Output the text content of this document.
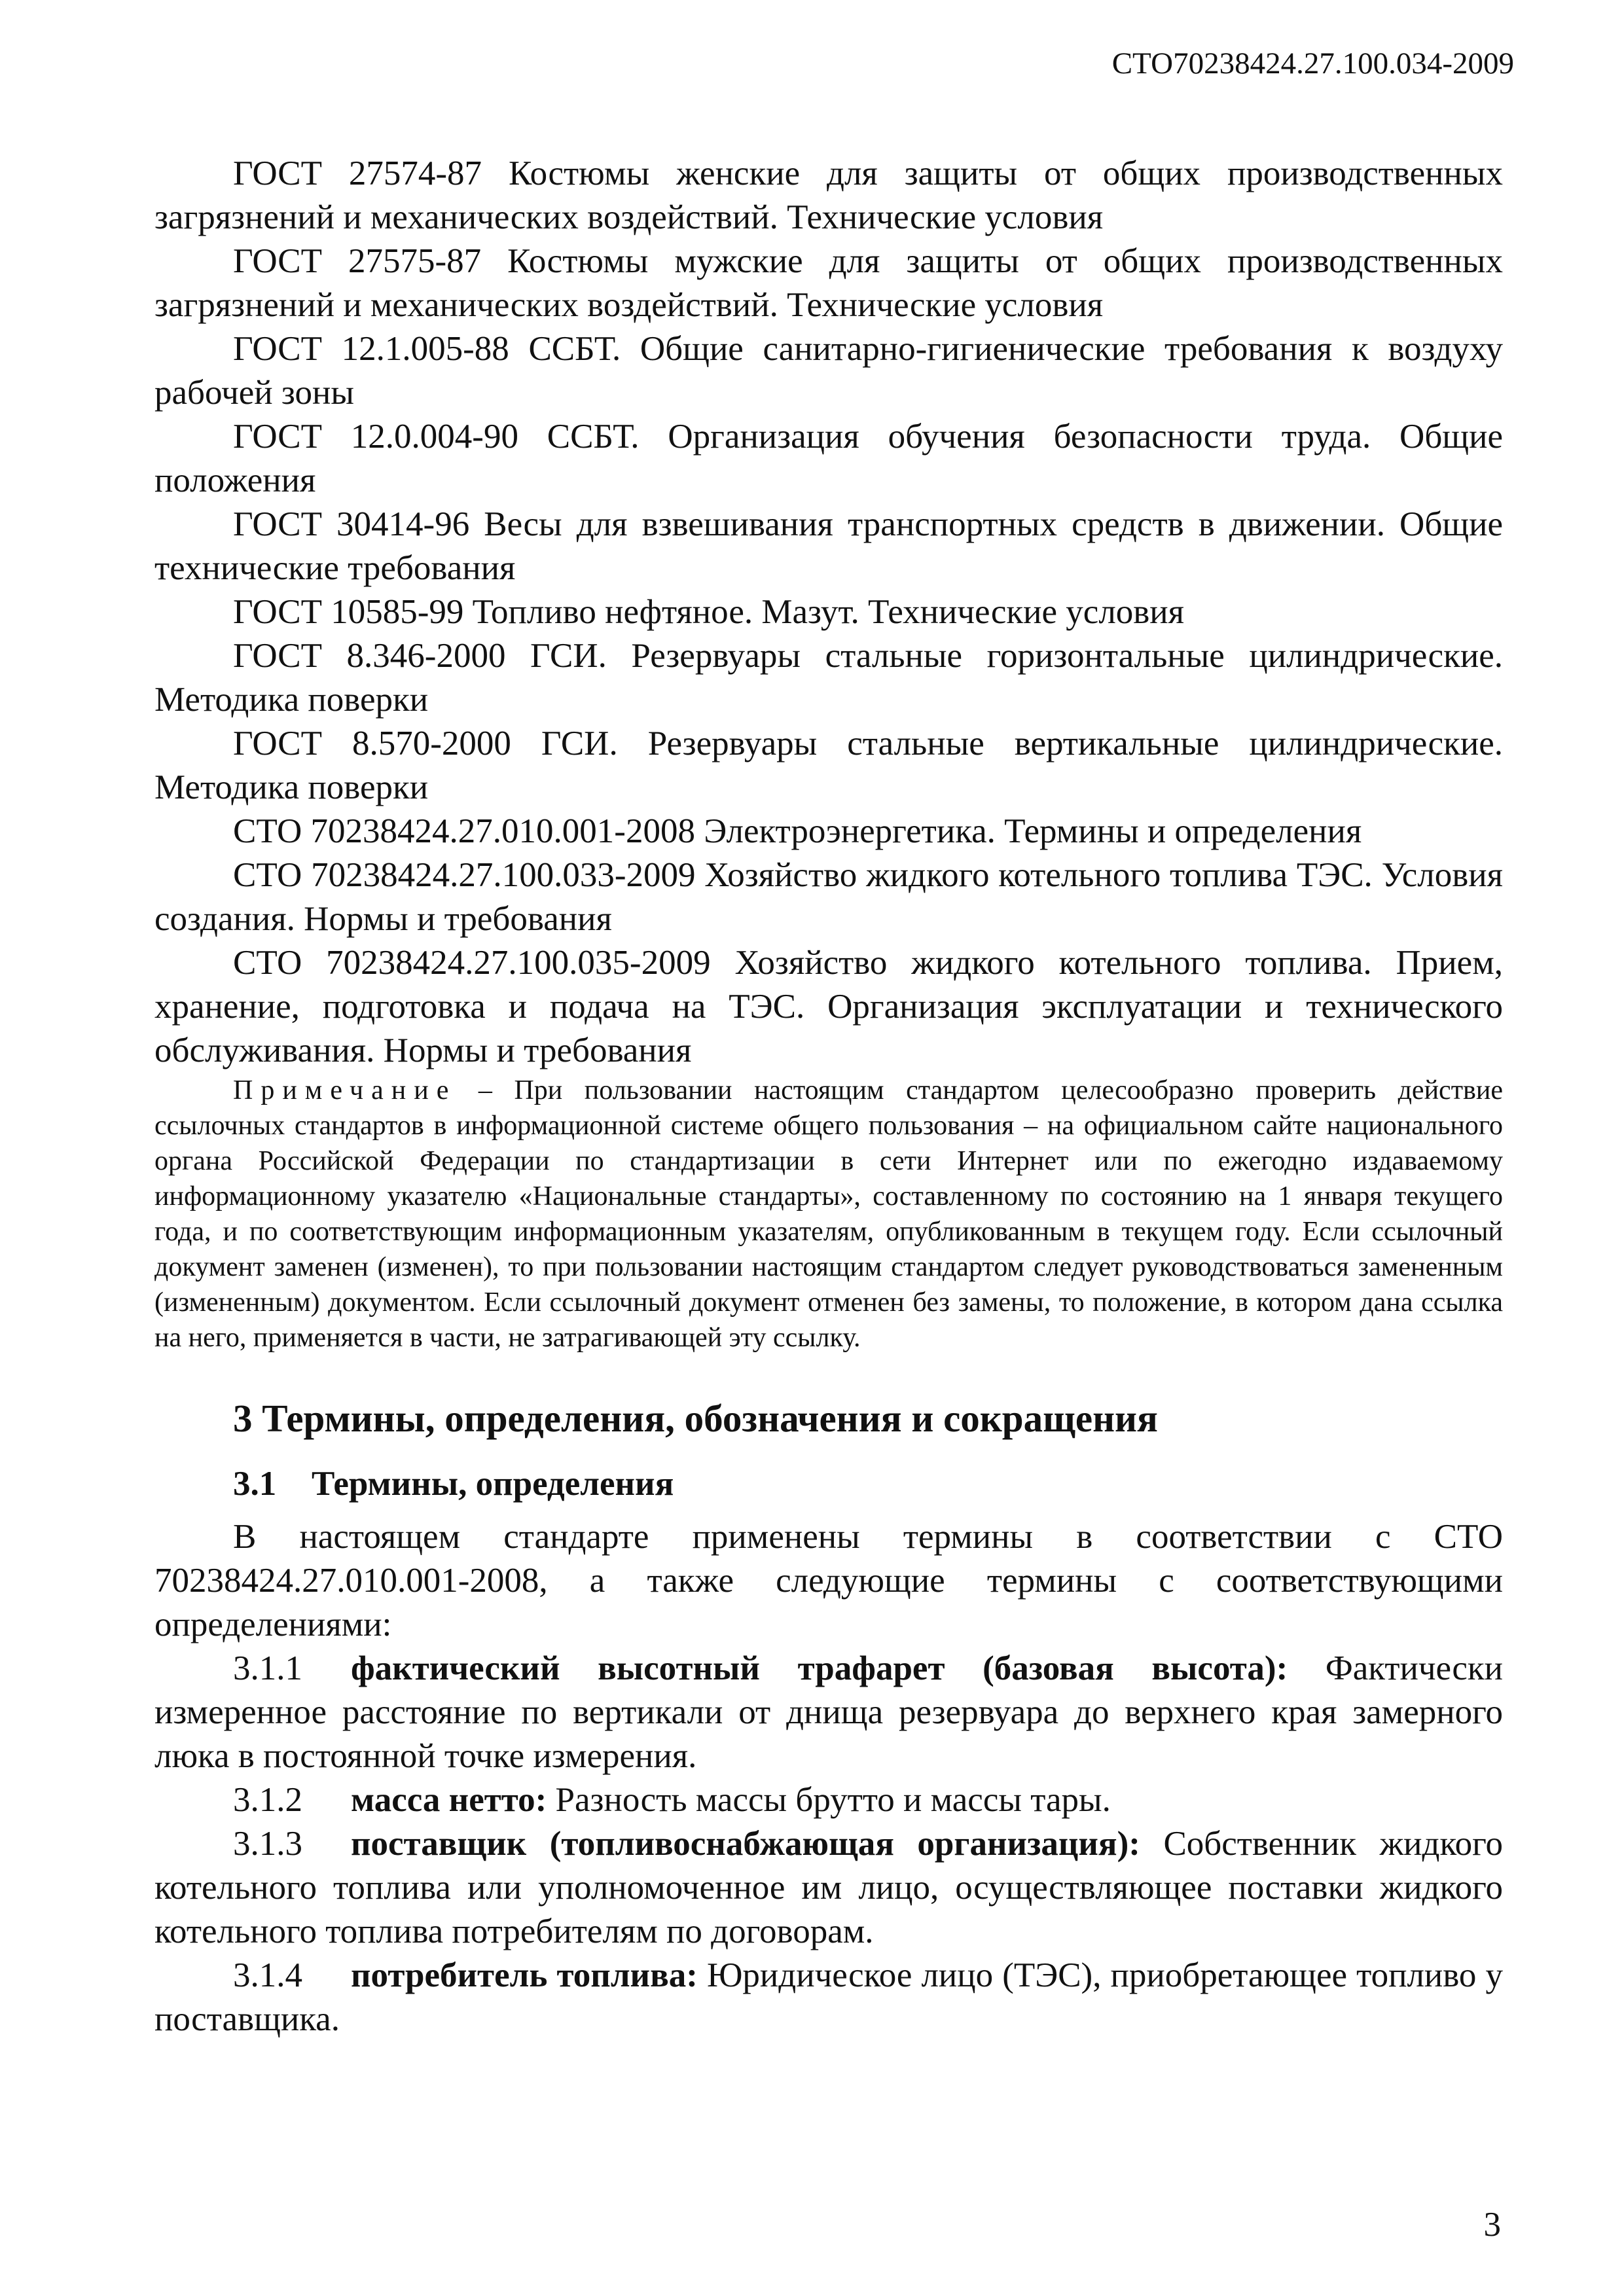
СТО70238424.27.100.034-2009

ГОСТ 27574-87 Костюмы женские для защиты от общих производственных загрязнений и механических воздействий. Технические условия

ГОСТ 27575-87 Костюмы мужские для защиты от общих производственных загрязнений и механических воздействий. Технические условия

ГОСТ 12.1.005-88 ССБТ. Общие санитарно-гигиенические требования к воздуху рабочей зоны

ГОСТ 12.0.004-90 ССБТ. Организация обучения безопасности труда. Общие положения

ГОСТ 30414-96 Весы для взвешивания транспортных средств в движении. Общие технические требования

ГОСТ 10585-99 Топливо нефтяное. Мазут. Технические условия

ГОСТ 8.346-2000 ГСИ. Резервуары стальные горизонтальные цилиндрические. Методика поверки

ГОСТ 8.570-2000 ГСИ. Резервуары стальные вертикальные цилиндрические. Методика поверки

СТО 70238424.27.010.001-2008 Электроэнергетика. Термины и определения

СТО 70238424.27.100.033-2009 Хозяйство жидкого котельного топлива ТЭС. Условия создания. Нормы и требования

СТО 70238424.27.100.035-2009 Хозяйство жидкого котельного топлива. Прием, хранение, подготовка и подача на ТЭС. Организация эксплуатации и технического обслуживания. Нормы и требования

Примечание – При пользовании настоящим стандартом целесообразно проверить действие ссылочных стандартов в информационной системе общего пользования – на официальном сайте национального органа Российской Федерации по стандартизации в сети Интернет или по ежегодно издаваемому информационному указателю «Национальные стандарты», составленному по состоянию на 1 января текущего года, и по соответствующим информационным указателям, опубликованным в текущем году. Если ссылочный документ заменен (изменен), то при пользовании настоящим стандартом следует руководствоваться замененным (измененным) документом. Если ссылочный документ отменен без замены, то положение, в котором дана ссылка на него, применяется в части, не затрагивающей эту ссылку.

3 Термины, определения, обозначения и сокращения
3.1 Термины, определения

В настоящем стандарте применены термины в соответствии с СТО 70238424.27.010.001-2008, а также следующие термины с соответствующими определениями:

3.1.1 фактический высотный трафарет (базовая высота): Фактически измеренное расстояние по вертикали от днища резервуара до верхнего края замерного люка в постоянной точке измерения.

3.1.2 масса нетто: Разность массы брутто и массы тары.

3.1.3 поставщик (топливоснабжающая организация): Собственник жидкого котельного топлива или уполномоченное им лицо, осуществляющее поставки жидкого котельного топлива потребителям по договорам.

3.1.4 потребитель топлива: Юридическое лицо (ТЭС), приобретающее топливо у поставщика.

3
